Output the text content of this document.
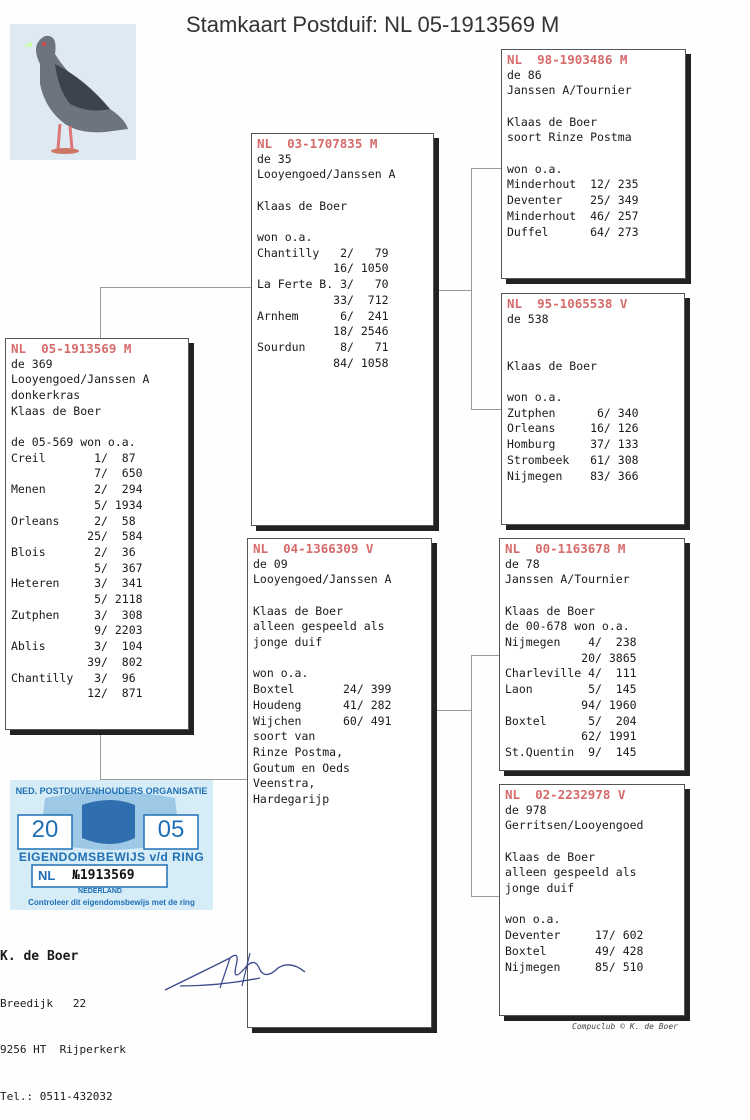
Stamkaart Postduif: NL 05-1913569 M
NL  05-1913569 M
de 369
Looyengoed/Janssen A
donkerkras
Klaas de Boer
de 05-569 won o.a.
Creil       1/  87
7/  650
Menen       2/  294
5/ 1934
Orleans     2/  58
25/  584
Blois       2/  36
5/  367
Heteren     3/  341
5/ 2118
Zutphen     3/  308
9/ 2203
Ablis       3/  104
39/  802
Chantilly   3/  96
12/  871
NL  03-1707835 M
de 35
Looyengoed/Janssen A
Klaas de Boer
won o.a.
Chantilly   2/   79
16/ 1050
La Ferte B. 3/   70
33/  712
Arnhem      6/  241
18/ 2546
Sourdun     8/   71
84/ 1058
NL  04-1366309 V
de 09
Looyengoed/Janssen A
Klaas de Boer
alleen gespeeld als
jonge duif
won o.a.
Boxtel       24/ 399
Houdeng      41/ 282
Wijchen      60/ 491
soort van
Rinze Postma,
Goutum en Oeds
Veenstra,
Hardegarijp
NL  98-1903486 M
de 86
Janssen A/Tournier
Klaas de Boer
soort Rinze Postma
won o.a.
Minderhout  12/ 235
Deventer    25/ 349
Minderhout  46/ 257
Duffel      64/ 273
NL  95-1065538 V
de 538
Klaas de Boer
won o.a.
Zutphen      6/ 340
Orleans     16/ 126
Homburg     37/ 133
Strombeek   61/ 308
Nijmegen    83/ 366
NL  00-1163678 M
de 78
Janssen A/Tournier
Klaas de Boer
de 00-678 won o.a.
Nijmegen    4/  238
20/ 3865
Charleville 4/  111
Laon        5/  145
94/ 1960
Boxtel      5/  204
62/ 1991
St.Quentin  9/  145
NL  02-2232978 V
de 978
Gerritsen/Looyengoed
Klaas de Boer
alleen gespeeld als
jonge duif
won o.a.
Deventer     17/ 602
Boxtel       49/ 428
Nijmegen     85/ 510
NED. POSTDUIVENHOUDERS ORGANISATIE
20	05
EIGENDOMSBEWIJS v/d RING
NL №1913569
NEDERLAND
Controleer dit eigendomsbewijs met de ring

K. de Boer

Breedijk   22

9256 HT  Rijperkerk

Tel.: 0511-432032

Compuclub © K. de Boer
